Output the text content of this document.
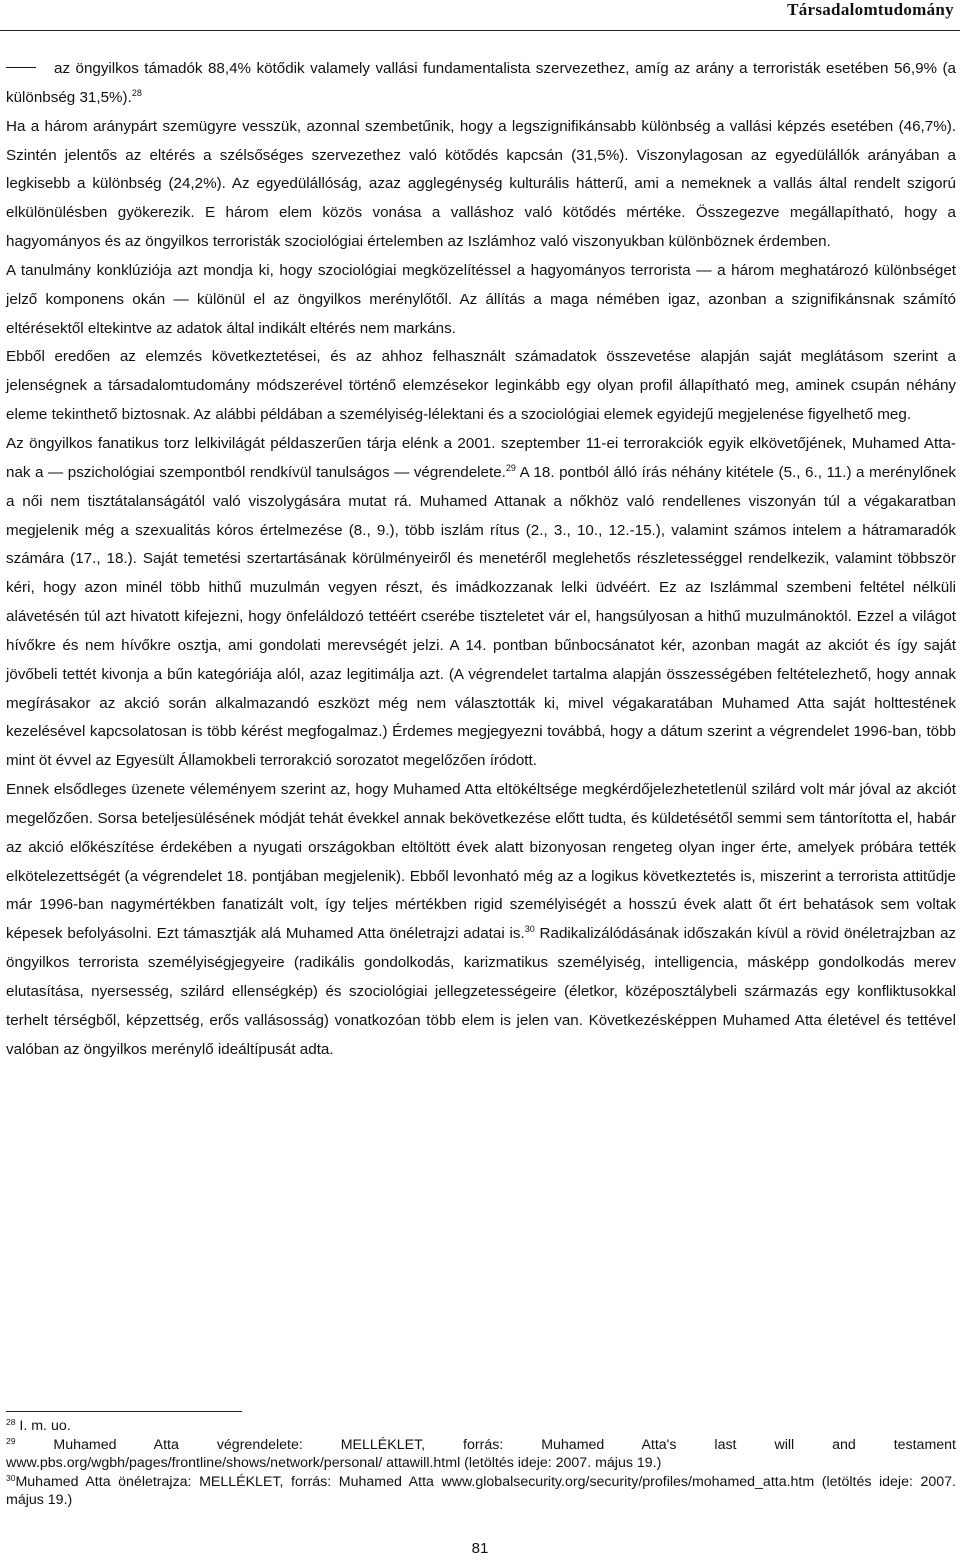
Társadalomtudomány

az öngyilkos támadók 88,4% kötődik valamely vallási fundamentalista szervezethez, amíg az arány a terroristák esetében 56,9% (a különbség 31,5%).$^{28}$

Ha a három aránypárt szemügyre vesszük, azonnal szembetűnik, hogy a legszignifikánsabb különbség a vallási képzés esetében (46,7%). Szintén jelentős az eltérés a szélsőséges szervezethez való kötődés kapcsán (31,5%). Viszonylagosan az egyedülállók arányában a legkisebb a különbség (24,2%). Az egyedülállóság, azaz agglegénység kulturális hátterű, ami a nemeknek a vallás által rendelt szigorú elkülönülésben gyökerezik. E három elem közös vonása a valláshoz való kötődés mértéke. Összegezve megállapítható, hogy a hagyományos és az öngyilkos terroristák szociológiai értelemben az Iszlámhoz való viszonyukban különböznek érdemben.

A tanulmány konklúziója azt mondja ki, hogy szociológiai megközelítéssel a hagyományos terrorista — a három meghatározó különbséget jelző komponens okán — különül el az öngyilkos merénylőtől. Az állítás a maga némében igaz, azonban a szignifikánsnak számító eltérésektől eltekintve az adatok által indikált eltérés nem markáns.

Ebből eredően az elemzés következtetései, és az ahhoz felhasznált számadatok összevetése alapján saját meglátásom szerint a jelenségnek a társadalomtudomány módszerével történő elemzésekor leginkább egy olyan profil állapítható meg, aminek csupán néhány eleme tekinthető biztosnak. Az alábbi példában a személyiség-lélektani és a szociológiai elemek egyidejű megjelenése figyelhető meg.

Az öngyilkos fanatikus torz lelkivilágát példaszerűen tárja elénk a 2001. szeptember 11-ei terrorakciók egyik elkövetőjének, Muhamed Atta-nak a — pszichológiai szempontból rendkívül tanulságos — végrendelete.$^{29}$ A 18. pontból álló írás néhány kitétele (5., 6., 11.) a merénylőnek a női nem tisztátalanságától való viszolygására mutat rá. Muhamed Attanak a nőkhöz való rendellenes viszonyán túl a végakaratban megjelenik még a szexualitás kóros értelmezése (8., 9.), több iszlám rítus (2., 3., 10., 12.-15.), valamint számos intelem a hátramaradók számára (17., 18.). Saját temetési szertartásának körülményeiről és menetéről meglehetős részletességgel rendelkezik, valamint többször kéri, hogy azon minél több hithű muzulmán vegyen részt, és imádkozzanak lelki üdvéért. Ez az Iszlámmal szembeni feltétel nélküli alávetésén túl azt hivatott kifejezni, hogy önfeláldozó tettéért cserébe tiszteletet vár el, hangsúlyosan a hithű muzulmánoktól. Ezzel a világot hívőkre és nem hívőkre osztja, ami gondolati merevségét jelzi. A 14. pontban bűnbocsánatot kér, azonban magát az akciót és így saját jövőbeli tettét kivonja a bűn kategóriája alól, azaz legitimálja azt. (A végrendelet tartalma alapján összességében feltételezhető, hogy annak megírásakor az akció során alkalmazandó eszközt még nem választották ki, mivel végakaratában Muhamed Atta saját holttestének kezelésével kapcsolatosan is több kérést megfogalmaz.) Érdemes megjegyezni továbbá, hogy a dátum szerint a végrendelet 1996-ban, több mint öt évvel az Egyesült Államokbeli terrorakció sorozatot megelőzően íródott.

Ennek elsődleges üzenete véleményem szerint az, hogy Muhamed Atta eltökéltsége megkérdőjelezhetetlenül szilárd volt már jóval az akciót megelőzően. Sorsa beteljesülésének módját tehát évekkel annak bekövetkezése előtt tudta, és küldetésétől semmi sem tántorította el, habár az akció előkészítése érdekében a nyugati országokban eltöltött évek alatt bizonyosan rengeteg olyan inger érte, amelyek próbára tették elkötelezettségét (a végrendelet 18. pontjában megjelenik). Ebből levonható még az a logikus következtetés is, miszerint a terrorista attitűdje már 1996-ban nagymértékben fanatizált volt, így teljes mértékben rigid személyiségét a hosszú évek alatt őt ért behatások sem voltak képesek befolyásolni. Ezt támasztják alá Muhamed Atta önéletrajzi adatai is.$^{30}$ Radikalizálódásának időszakán kívül a rövid önéletrajzban az öngyilkos terrorista személyiségjegyeire (radikális gondolkodás, karizmatikus személyiség, intelligencia, másképp gondolkodás merev elutasítása, nyersesség, szilárd ellenségkép) és szociológiai jellegzetességeire (életkor, középosztálybeli származás egy konfliktusokkal terhelt térségből, képzettség, erős vallásosság) vonatkozóan több elem is jelen van. Következésképpen Muhamed Atta életével és tettével valóban az öngyilkos merénylő ideáltípusát adta.

$^{28}$ I. m. uo.

$^{29}$ Muhamed Atta végrendelete: MELLÉKLET, forrás: Muhamed Atta's last will and testament www.pbs.org/wgbh/pages/frontline/shows/network/personal/ attawill.html (letöltés ideje: 2007. május 19.)

$^{30}$Muhamed Atta önéletrajza: MELLÉKLET, forrás: Muhamed Atta www.globalsecurity.org/security/profiles/mohamed_atta.htm (letöltés ideje: 2007. május 19.)

81
